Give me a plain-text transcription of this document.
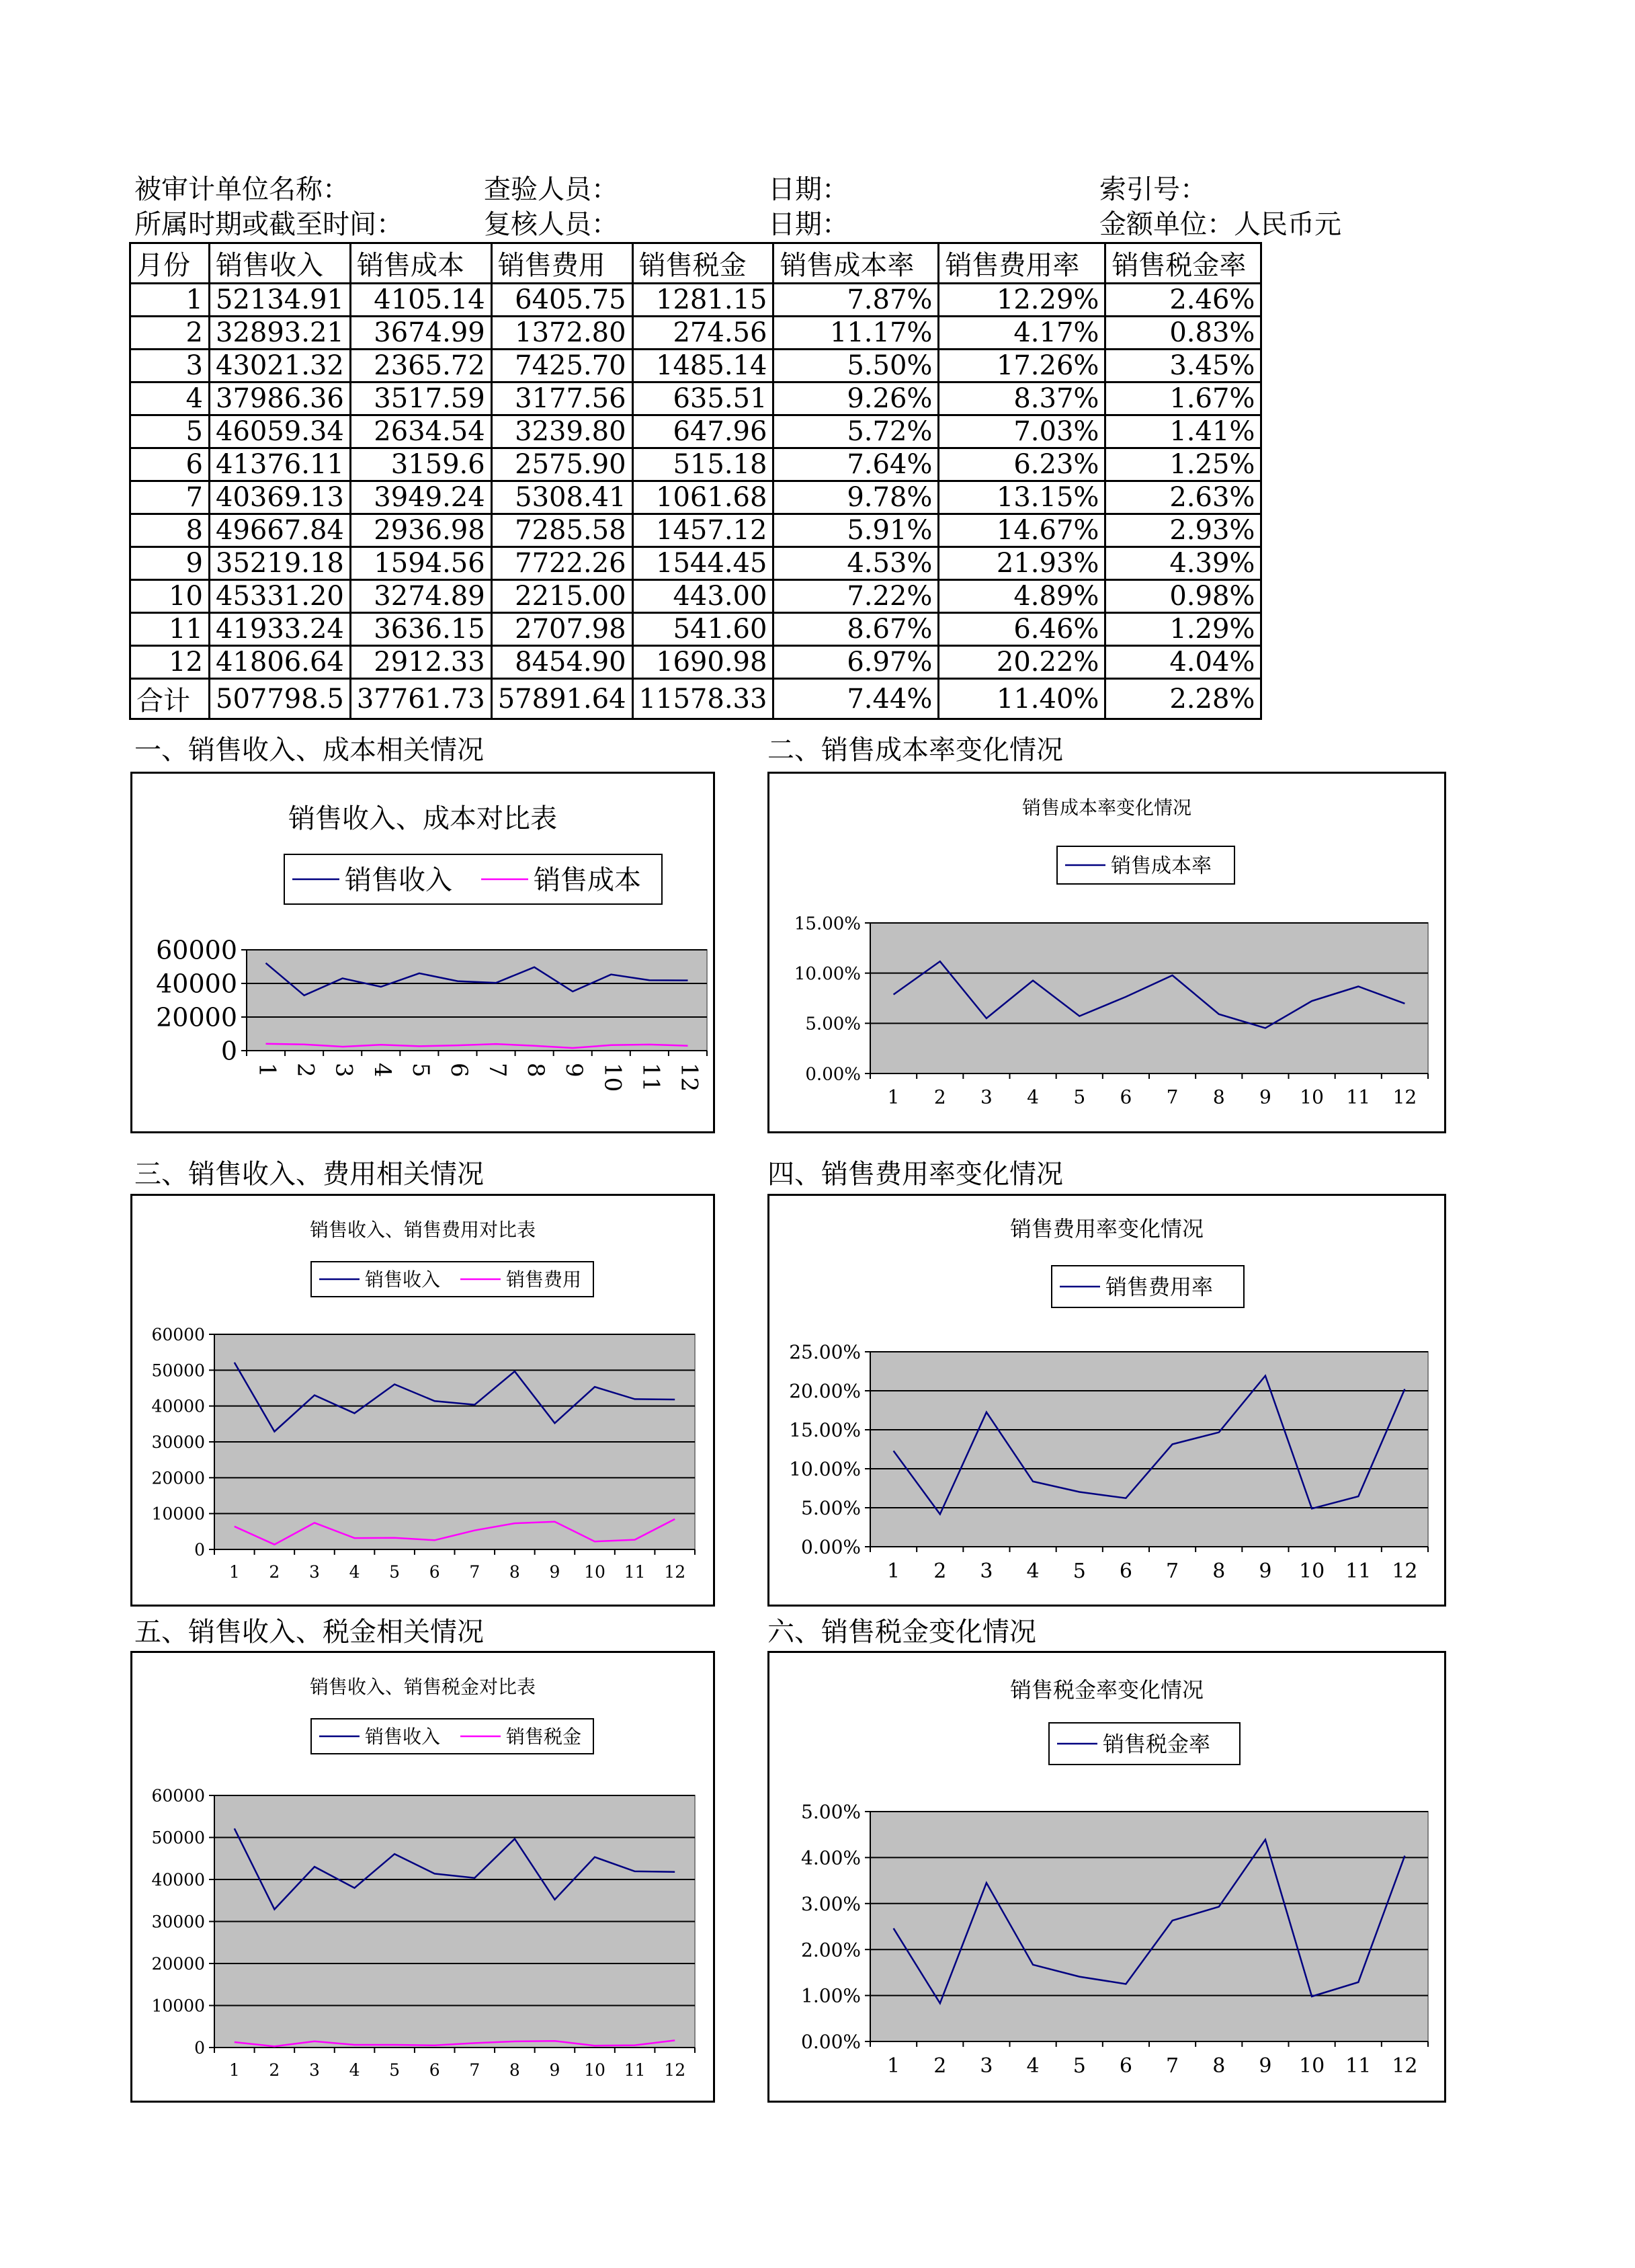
被审计单位名称：	查验人员：	日期：	索引号：
所属时期或截至时间：	复核人员：	日期：	金额单位：人民币元
月份	销售收入	销售成本	销售费用	销售税金	销售成本率	销售费用率	销售税金率
1	52134.91	4105.14	6405.75	1281.15	7.87%	12.29%	2.46%
2	32893.21	3674.99	1372.80	274.56	11.17%	4.17%	0.83%
3	43021.32	2365.72	7425.70	1485.14	5.50%	17.26%	3.45%
4	37986.36	3517.59	3177.56	635.51	9.26%	8.37%	1.67%
5	46059.34	2634.54	3239.80	647.96	5.72%	7.03%	1.41%
6	41376.11	3159.6	2575.90	515.18	7.64%	6.23%	1.25%
7	40369.13	3949.24	5308.41	1061.68	9.78%	13.15%	2.63%
8	49667.84	2936.98	7285.58	1457.12	5.91%	14.67%	2.93%
9	35219.18	1594.56	7722.26	1544.45	4.53%	21.93%	4.39%
10	45331.20	3274.89	2215.00	443.00	7.22%	4.89%	0.98%
11	41933.24	3636.15	2707.98	541.60	8.67%	6.46%	1.29%
12	41806.64	2912.33	8454.90	1690.98	6.97%	20.22%	4.04%
合计	507798.5	37761.73	57891.64	11578.33	7.44%	11.40%	2.28%
一、销售收入、成本相关情况	二、销售成本率变化情况
三、销售收入、费用相关情况	四、销售费用率变化情况
五、销售收入、税金相关情况	六、销售税金变化情况
销售收入、成本对比表
销售收入	销售成本
0
20000
40000
60000
1 2 3 4 5 6 7 8 9 10 11 12
销售成本率变化情况
销售成本率
0.00%
5.00%
10.00%
15.00%
1 2 3 4 5 6 7 8 9 10 11 12
销售收入、销售费用对比表
销售收入	销售费用
0
10000
20000
30000
40000
50000
60000
1 2 3 4 5 6 7 8 9 10 11 12
销售费用率变化情况
销售费用率
0.00%
5.00%
10.00%
15.00%
20.00%
25.00%
1 2 3 4 5 6 7 8 9 10 11 12
销售收入、销售税金对比表
销售收入	销售税金
0
10000
20000
30000
40000
50000
60000
1 2 3 4 5 6 7 8 9 10 11 12
销售税金率变化情况
销售税金率
0.00%
1.00%
2.00%
3.00%
4.00%
5.00%
1 2 3 4 5 6 7 8 9 10 11 12
